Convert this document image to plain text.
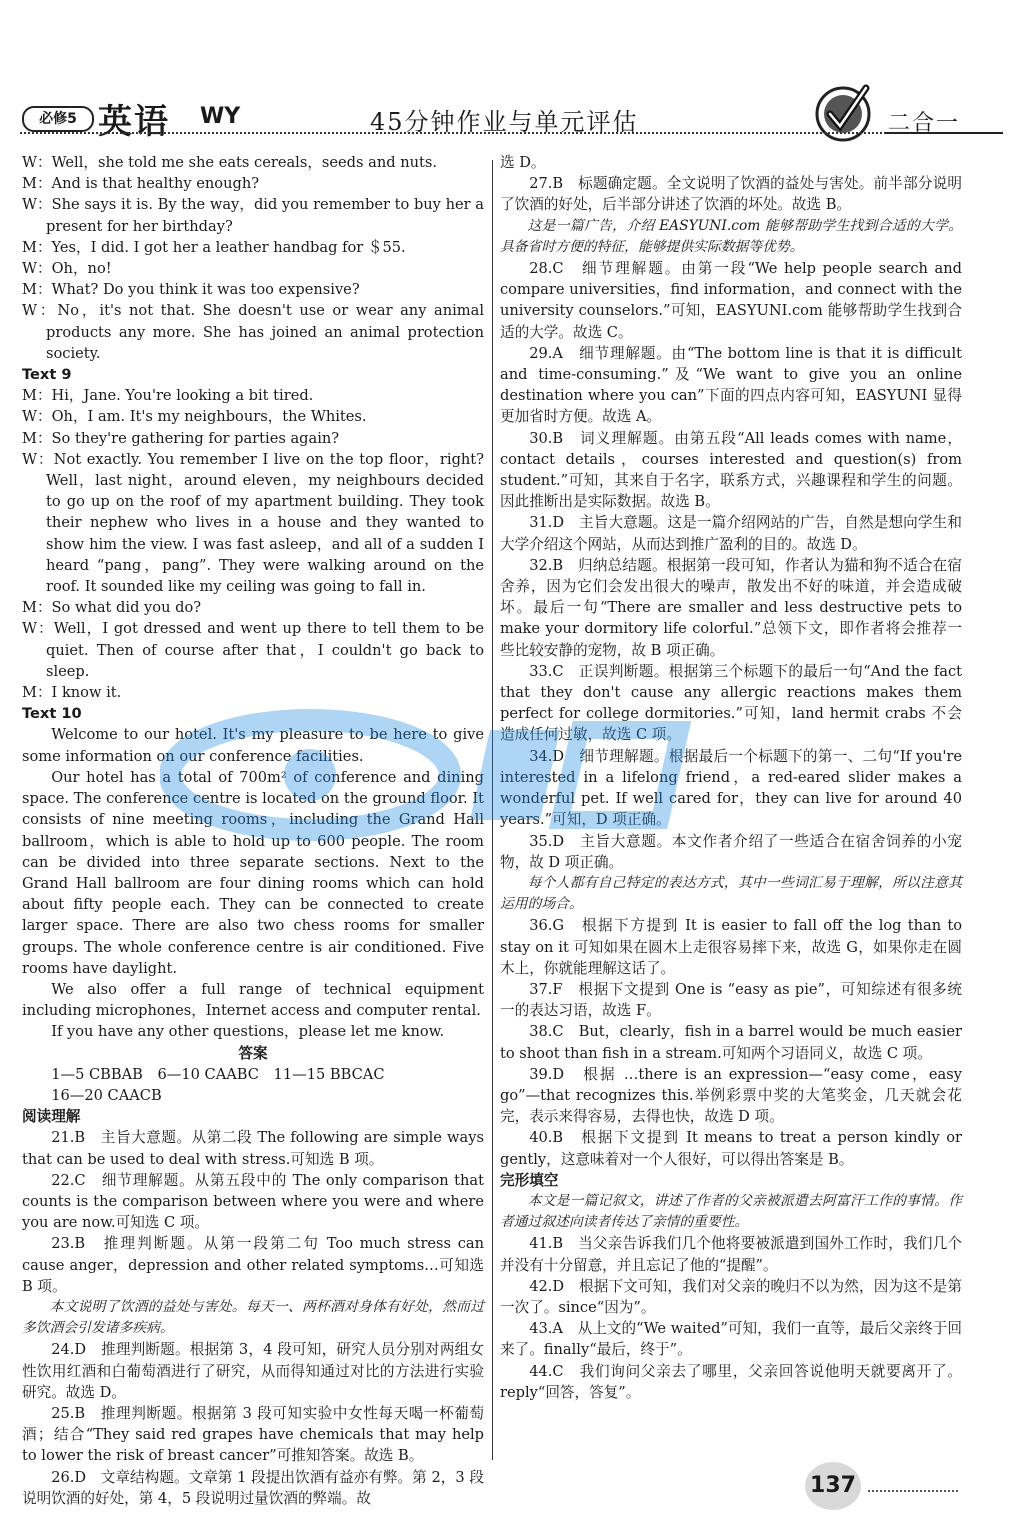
必修5 英语 WY	45分钟作业与单元评估	二合一

W：Well，she told me she eats cereals，seeds and nuts.

M：And is that healthy enough?

W：She says it is. By the way，did you remember to buy her a present for her birthday?

M：Yes，I did. I got her a leather handbag for ＄55.

W：Oh，no!

M：What? Do you think it was too expensive?

W：No，it's not that. She doesn't use or wear any animal products any more. She has joined an animal protection society.

Text 9

M：Hi，Jane. You're looking a bit tired.

W：Oh，I am. It's my neighbours，the Whites.

M：So they're gathering for parties again?

W：Not exactly. You remember I live on the top floor，right? Well，last night，around eleven，my neighbours decided to go up on the roof of my apartment building. They took their nephew who lives in a house and they wanted to show him the view. I was fast asleep，and all of a sudden I heard “pang，pang”. They were walking around on the roof. It sounded like my ceiling was going to fall in.

M：So what did you do?

W：Well，I got dressed and went up there to tell them to be quiet. Then of course after that，I couldn't go back to sleep.

M：I know it.

Text 10

Welcome to our hotel. It's my pleasure to be here to give some information on our conference facilities.

Our hotel has a total of 700m² of conference and dining space. The conference centre is located on the ground floor. It consists of nine meeting rooms，including the Grand Hall ballroom，which is able to hold up to 600 people. The room can be divided into three separate sections. Next to the Grand Hall ballroom are four dining rooms which can hold about fifty people each. They can be connected to create larger space. There are also two chess rooms for smaller groups. The whole conference centre is air conditioned. Five rooms have daylight.

We also offer a full range of technical equipment including microphones，Internet access and computer rental.

If you have any other questions，please let me know.

答案

1—5 CBBAB　6—10 CAABC　11—15 BBCAC

16—20 CAACB

阅读理解

21.B　主旨大意题。从第二段 The following are simple ways that can be used to deal with stress.可知选 B 项。

22.C　细节理解题。从第五段中的 The only comparison that counts is the comparison between where you were and where you are now.可知选 C 项。

23.B　推理判断题。从第一段第二句 Too much stress can cause anger，depression and other related symptoms…可知选 B 项。

本文说明了饮酒的益处与害处。每天一、两杯酒对身体有好处，然而过多饮酒会引发诸多疾病。

24.D　推理判断题。根据第 3，4 段可知，研究人员分别对两组女性饮用红酒和白葡萄酒进行了研究，从而得知通过对比的方法进行实验研究。故选 D。

25.B　推理判断题。根据第 3 段可知实验中女性每天喝一杯葡萄酒；结合“They said red grapes have chemicals that may help to lower the risk of breast cancer”可推知答案。故选 B。

26.D　文章结构题。文章第 1 段提出饮酒有益亦有弊。第 2，3 段说明饮酒的好处，第 4，5 段说明过量饮酒的弊端。故

选 D。

27.B　标题确定题。全文说明了饮酒的益处与害处。前半部分说明了饮酒的好处，后半部分讲述了饮酒的坏处。故选 B。

这是一篇广告，介绍 EASYUNI.com 能够帮助学生找到合适的大学。具备省时方便的特征，能够提供实际数据等优势。

28.C　细节理解题。由第一段“We help people search and compare universities，find information，and connect with the university counselors.”可知，EASYUNI.com 能够帮助学生找到合适的大学。故选 C。

29.A　细节理解题。由“The bottom line is that it is difficult and time-consuming.”及“We want to give you an online destination where you can”下面的四点内容可知，EASYUNI 显得更加省时方便。故选 A。

30.B　词义理解题。由第五段“All leads comes with name，contact details，courses interested and question(s) from student.”可知，其来自于名字，联系方式，兴趣课程和学生的问题。因此推断出是实际数据。故选 B。

31.D　主旨大意题。这是一篇介绍网站的广告，自然是想向学生和大学介绍这个网站，从而达到推广盈利的目的。故选 D。

32.B　归纳总结题。根据第一段可知，作者认为猫和狗不适合在宿舍养，因为它们会发出很大的噪声，散发出不好的味道，并会造成破坏。最后一句“There are smaller and less destructive pets to make your dormitory life colorful.”总领下文，即作者将会推荐一些比较安静的宠物，故 B 项正确。

33.C　正误判断题。根据第三个标题下的最后一句“And the fact that they don't cause any allergic reactions makes them perfect for college dormitories.”可知，land hermit crabs 不会造成任何过敏，故选 C 项。

34.D　细节理解题。根据最后一个标题下的第一、二句“If you're interested in a lifelong friend，a red-eared slider makes a wonderful pet. If well cared for，they can live for around 40 years.”可知，D 项正确。

35.D　主旨大意题。本文作者介绍了一些适合在宿舍饲养的小宠物，故 D 项正确。

每个人都有自己特定的表达方式，其中一些词汇易于理解，所以注意其运用的场合。

36.G　根据下方提到 It is easier to fall off the log than to stay on it 可知如果在圆木上走很容易摔下来，故选 G，如果你走在圆木上，你就能理解这话了。

37.F　根据下文提到 One is “easy as pie”，可知综述有很多统一的表达习语，故选 F。

38.C　But，clearly，fish in a barrel would be much easier to shoot than fish in a stream.可知两个习语同义，故选 C 项。

39.D　根据 …there is an expression—“easy come，easy go”—that recognizes this.举例彩票中奖的大笔奖金，几天就会花完，表示来得容易，去得也快，故选 D 项。

40.B　根据下文提到 It means to treat a person kindly or gently，这意味着对一个人很好，可以得出答案是 B。

完形填空

本文是一篇记叙文，讲述了作者的父亲被派遣去阿富汗工作的事情。作者通过叙述向读者传达了亲情的重要性。

41.B　当父亲告诉我们几个他将要被派遣到国外工作时，我们几个并没有十分留意，并且忘记了他的“提醒”。

42.D　根据下文可知，我们对父亲的晚归不以为然，因为这不是第一次了。since“因为”。

43.A　从上文的“We waited”可知，我们一直等，最后父亲终于回来了。finally“最后，终于”。

44.C　我们询问父亲去了哪里，父亲回答说他明天就要离开了。reply“回答，答复”。

137
